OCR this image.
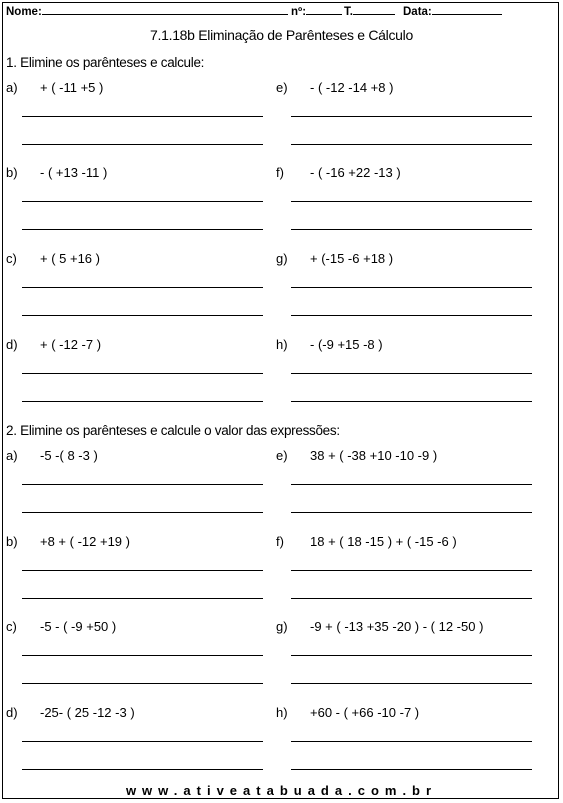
Nome:	nº:	T.	Data:
7.1.18b Eliminação de Parênteses e Cálculo
1. Elimine os parênteses e calcule:
2. Elimine os parênteses e calcule o valor das expressões:
a) + ( -11 +5 )	e) - ( -12 -14 +8 )
b) - ( +13 -11 )	f) - ( -16 +22 -13 )
c) + ( 5 +16 )	g) + (-15 -6 +18 )
d) + ( -12 -7 )	h) - (-9 +15 -8 )
a) -5 -( 8 -3 )	e) 38 + ( -38 +10 -10 -9 )
b) +8 + ( -12 +19 )	f) 18 + ( 18 -15 ) + ( -15 -6 )
c) -5 - ( -9 +50 )	g) -9 + ( -13 +35 -20 ) - ( 12 -50 )
d) -25- ( 25 -12 -3 )	h) +60 - ( +66 -10 -7 )
www.ativeatabuada.com.br
